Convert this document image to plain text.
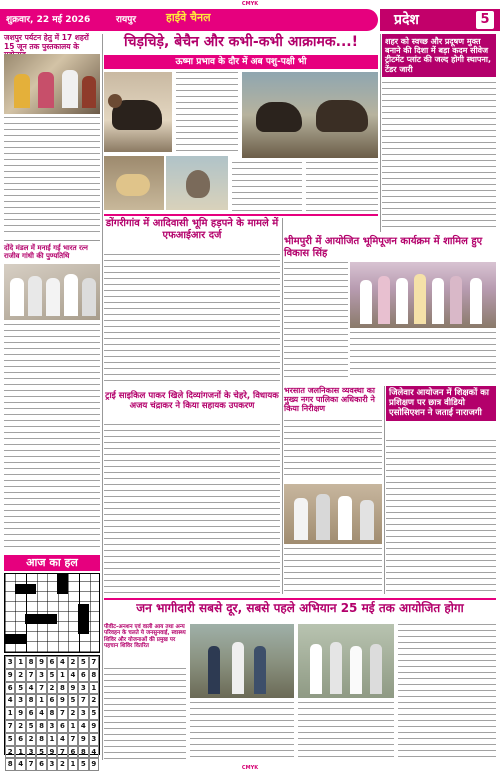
CMYK
शुक्रवार, 22 मई 2026	रायपुर	हाईवे चैनल	प्रदेश	5
जशपुर पर्यटन हेतु में 17 शहरों 15 जून तक पुस्तकालय के
दोंदे मंडल में मनाई गई भारत रत्न राजीव गांधी की पुण्यतिथि
आज का हल
3 1 8 9 6 4 2 5 7
9 2 7 3 5 1 4 6 8
6 5 4 7 2 8 9 3 1
4 3 8 1 6 9 5 7 2
1 9 6 4 8 7 2 3 5
7 2 5 8 3 6 1 4 9
5 6 2 8 1 4 7 9 3
2 1 3 5 9 7 6 8 4
8 4 7 6 3 2 1 5 9
चिड़चिड़े, बेचैन और कभी-कभी आक्रामक...!
ऊष्मा प्रभाव के दौर में अब पशु-पक्षी भी
शहर को स्वच्छ और प्रदूषण मुक्त बनाने की दिशा में बड़ा कदम सीवेज ट्रीटमेंट प्लांट की जल्द होगी स्थापना, टेंडर जारी
डोंगरीगांव में आदिवासी भूमि हड़पने के मामले में एफआईआर दर्ज
भीमपुरी में आयोजित भूमिपूजन कार्यक्रम में शामिल हुए विकास सिंह
ट्राई साइकिल पाकर खिले दिव्यांगजनों के चेहरे, विधायक अजय चंद्राकर ने किया सहायक उपकरण
भरसात जलनिकास व्यवस्था का मुख्य नगर पालिका अधिकारी ने किया निरीक्षण
जिलेवार आयोजन में शिक्षकों का प्रशिक्षण पर छात्र वीडियो एसोसिएशन ने जताई नाराजगी
जन भागीदारी सबसे दूर, सबसे पहले अभियान 25 मई तक आयोजित होगा
पीवीट-अनशन एवं वाली आय तथा अन्य परिवहन के चलते ये जनसुनवाई, स्वास्थ्य शिविर और योजनाओं की प्रमुख पर पहचान शिविर वितरित
CMYK
